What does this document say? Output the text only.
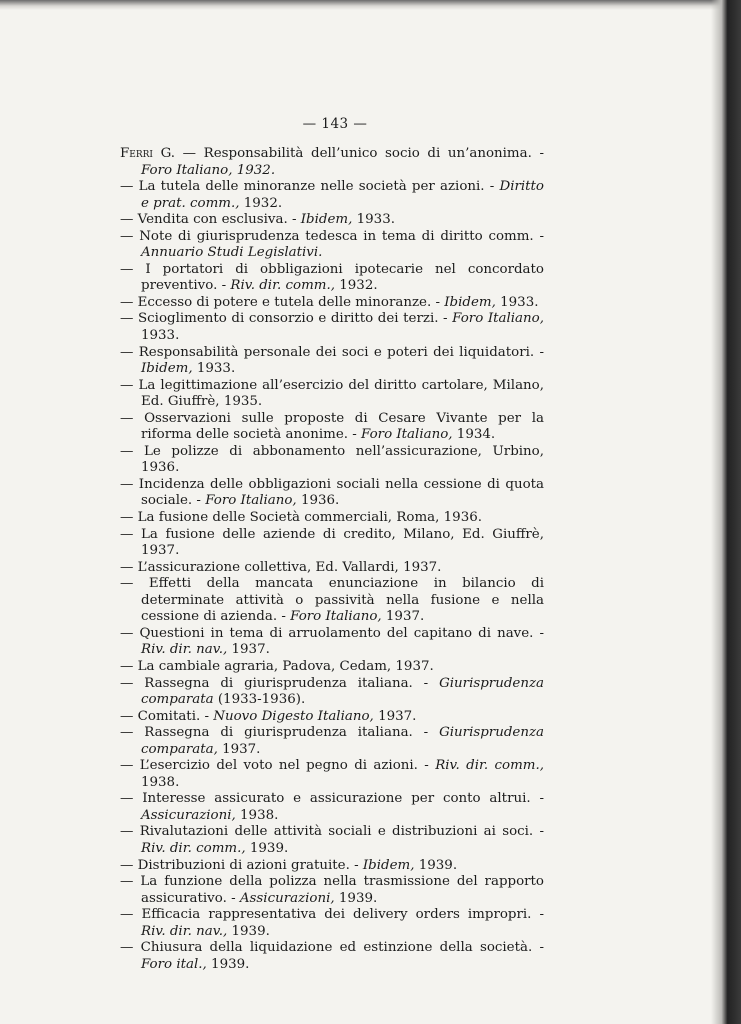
— 143 —

Ferri G. — Responsabilità dell’unico socio di un’anonima. - Foro Italiano, 1932.

— La tutela delle minoranze nelle società per azioni. - Diritto e prat. comm., 1932.

— Vendita con esclusiva. - Ibidem, 1933.

— Note di giurisprudenza tedesca in tema di diritto comm. - Annuario Studi Legislativi.

— I portatori di obbligazioni ipotecarie nel concordato preventivo. - Riv. dir. comm., 1932.

— Eccesso di potere e tutela delle minoranze. - Ibidem, 1933.

— Scioglimento di consorzio e diritto dei terzi. - Foro Italiano, 1933.

— Responsabilità personale dei soci e poteri dei liquidatori. - Ibidem, 1933.

— La legittimazione all’esercizio del diritto cartolare, Milano, Ed. Giuffrè, 1935.

— Osservazioni sulle proposte di Cesare Vivante per la riforma delle società anonime. - Foro Italiano, 1934.

— Le polizze di abbonamento nell’assicurazione, Urbino, 1936.

— Incidenza delle obbligazioni sociali nella cessione di quota sociale. - Foro Italiano, 1936.

— La fusione delle Società commerciali, Roma, 1936.

— La fusione delle aziende di credito, Milano, Ed. Giuffrè, 1937.

— L’assicurazione collettiva, Ed. Vallardi, 1937.

— Effetti della mancata enunciazione in bilancio di determinate attività o passività nella fusione e nella cessione di azienda. - Foro Italiano, 1937.

— Questioni in tema di arruolamento del capitano di nave. - Riv. dir. nav., 1937.

— La cambiale agraria, Padova, Cedam, 1937.

— Rassegna di giurisprudenza italiana. - Giurisprudenza comparata (1933-1936).

— Comitati. - Nuovo Digesto Italiano, 1937.

— Rassegna di giurisprudenza italiana. - Giurisprudenza comparata, 1937.

— L’esercizio del voto nel pegno di azioni. - Riv. dir. comm., 1938.

— Interesse assicurato e assicurazione per conto altrui. - Assicurazioni, 1938.

— Rivalutazioni delle attività sociali e distribuzioni ai soci. - Riv. dir. comm., 1939.

— Distribuzioni di azioni gratuite. - Ibidem, 1939.

— La funzione della polizza nella trasmissione del rapporto assicurativo. - Assicurazioni, 1939.

— Efficacia rappresentativa dei delivery orders impropri. - Riv. dir. nav., 1939.

— Chiusura della liquidazione ed estinzione della società. - Foro ital., 1939.
